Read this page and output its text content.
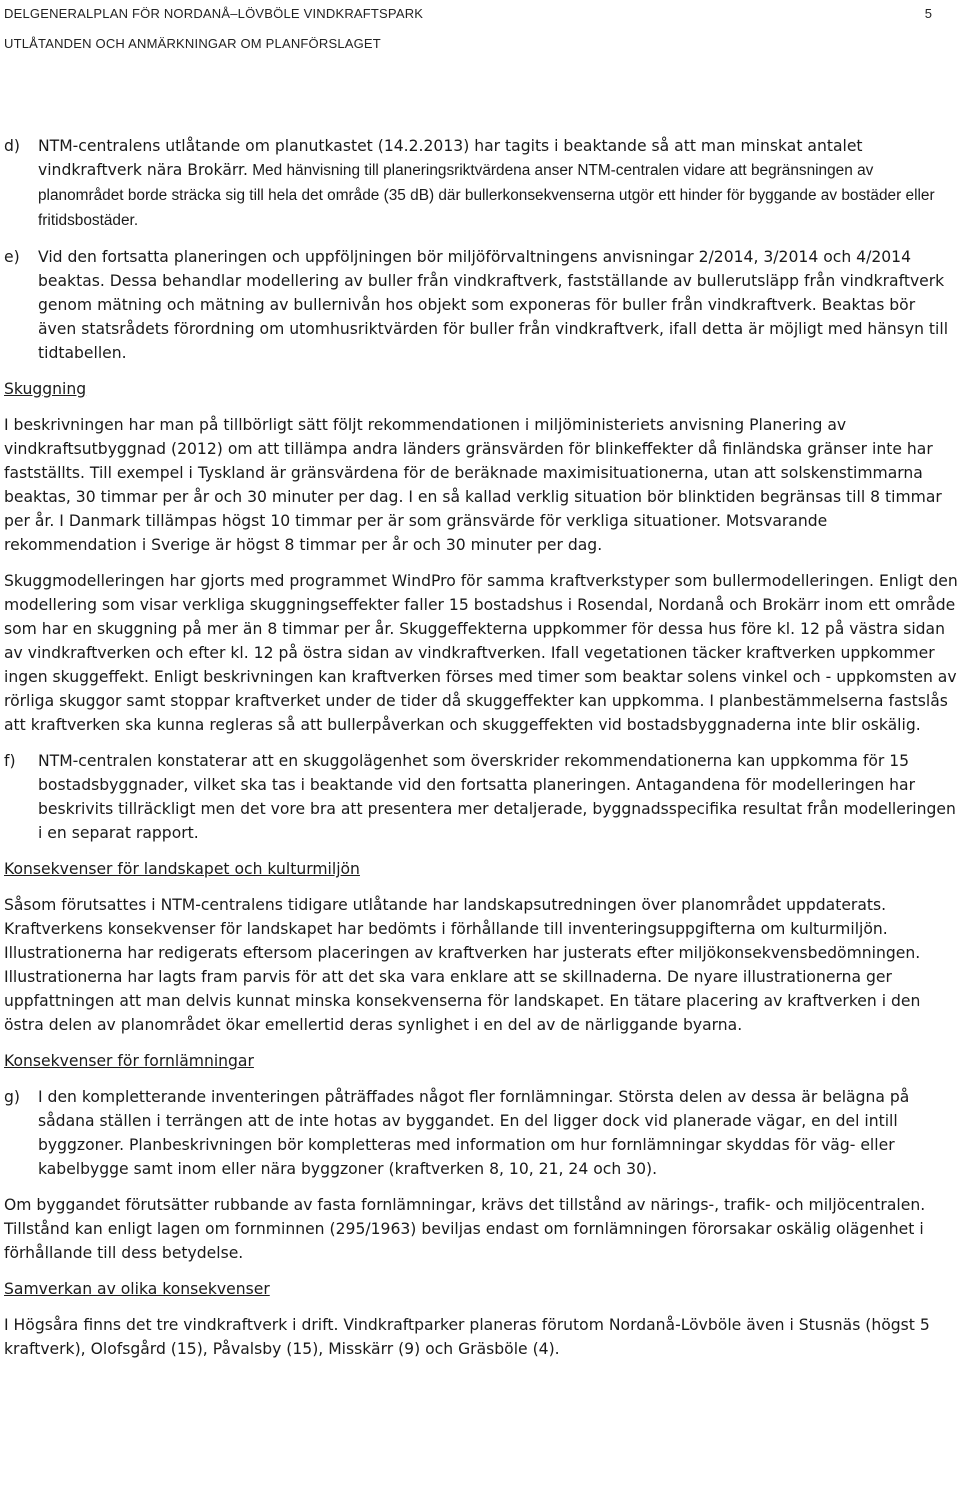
DELGENERALPLAN FÖR NORDANÅ–LÖVBÖLE VINDKRAFTSPARK
UTLÅTANDEN OCH ANMÄRKNINGAR OM PLANFÖRSLAGET
5
d)	NTM-centralens utlåtande om planutkastet (14.2.2013) har tagits i beaktande så att man minskat antalet vindkraftverk nära Brokärr. Med hänvisning till planeringsriktvärdena anser NTM-centralen vidare att begränsningen av planområdet borde sträcka sig till hela det område (35 dB) där bullerkonsekvenserna utgör ett hinder för byggande av bostäder eller fritidsbostäder.
e)	Vid den fortsatta planeringen och uppföljningen bör miljöförvaltningens anvisningar 2/2014, 3/2014 och 4/2014 beaktas. Dessa behandlar modellering av buller från vindkraftverk, fastställande av bullerutsläpp från vindkraftverk genom mätning och mätning av bullernivån hos objekt som exponeras för buller från vindkraftverk. Beaktas bör även statsrådets förordning om utomhusriktvärden för buller från vindkraftverk, ifall detta är möjligt med hänsyn till tidtabellen.
Skuggning

I beskrivningen har man på tillbörligt sätt följt rekommendationen i miljöministeriets anvisning Planering av vindkraftsutbyggnad (2012) om att tillämpa andra länders gränsvärden för blinkeffekter då finländska gränser inte har fastställts. Till exempel i Tyskland är gränsvärdena för de beräknade maximisituationerna, utan att solskenstimmarna beaktas, 30 timmar per år och 30 minuter per dag. I en så kallad verklig situation bör blinktiden begränsas till 8 timmar per år. I Danmark tillämpas högst 10 timmar per är som gränsvärde för verkliga situationer. Motsvarande rekommendation i Sverige är högst 8 timmar per år och 30 minuter per dag.

Skuggmodelleringen har gjorts med programmet WindPro för samma kraftverkstyper som bullermodelleringen. Enligt den modellering som visar verkliga skuggningseffekter faller 15 bostadshus i Rosendal, Nordanå och Brokärr inom ett område som har en skuggning på mer än 8 timmar per år. Skuggeffekterna uppkommer för dessa hus före kl. 12 på västra sidan av vindkraftverken och efter kl. 12 på östra sidan av vindkraftverken. Ifall vegetationen täcker kraftverken uppkommer ingen skuggeffekt. Enligt beskrivningen kan kraftverken förses med timer som beaktar solens vinkel och - uppkomsten av rörliga skuggor samt stoppar kraftverket under de tider då skuggeffekter kan uppkomma. I planbestämmelserna fastslås att kraftverken ska kunna regleras så att bullerpåverkan och skuggeffekten vid bostadsbyggnaderna inte blir oskälig.

f)	NTM-centralen konstaterar att en skuggolägenhet som överskrider rekommendationerna kan uppkomma för 15 bostadsbyggnader, vilket ska tas i beaktande vid den fortsatta planeringen. Antagandena för modelleringen har beskrivits tillräckligt men det vore bra att presentera mer detaljerade, byggnadsspecifika resultat från modelleringen i en separat rapport.
Konsekvenser för landskapet och kulturmiljön

Såsom förutsattes i NTM-centralens tidigare utlåtande har landskapsutredningen över planområdet uppdaterats. Kraftverkens konsekvenser för landskapet har bedömts i förhållande till inventeringsuppgifterna om kulturmiljön. Illustrationerna har redigerats eftersom placeringen av kraftverken har justerats efter miljökonsekvensbedömningen. Illustrationerna har lagts fram parvis för att det ska vara enklare att se skillnaderna. De nyare illustrationerna ger uppfattningen att man delvis kunnat minska konsekvenserna för landskapet. En tätare placering av kraftverken i den östra delen av planområdet ökar emellertid deras synlighet i en del av de närliggande byarna.

Konsekvenser för fornlämningar
g)	I den kompletterande inventeringen påträffades något fler fornlämningar. Största delen av dessa är belägna på sådana ställen i terrängen att de inte hotas av byggandet. En del ligger dock vid planerade vägar, en del intill byggzoner. Planbeskrivningen bör kompletteras med information om hur fornlämningar skyddas för väg- eller kabelbygge samt inom eller nära byggzoner (kraftverken 8, 10, 21, 24 och 30).

Om byggandet förutsätter rubbande av fasta fornlämningar, krävs det tillstånd av närings-, trafik- och miljöcentralen. Tillstånd kan enligt lagen om fornminnen (295/1963) beviljas endast om fornlämningen förorsakar oskälig olägenhet i förhållande till dess betydelse.

Samverkan av olika konsekvenser

I Högsåra finns det tre vindkraftverk i drift. Vindkraftparker planeras förutom Nordanå-Lövböle även i Stusnäs (högst 5 kraftverk), Olofsgård (15), Påvalsby (15), Misskärr (9) och Gräsböle (4).
